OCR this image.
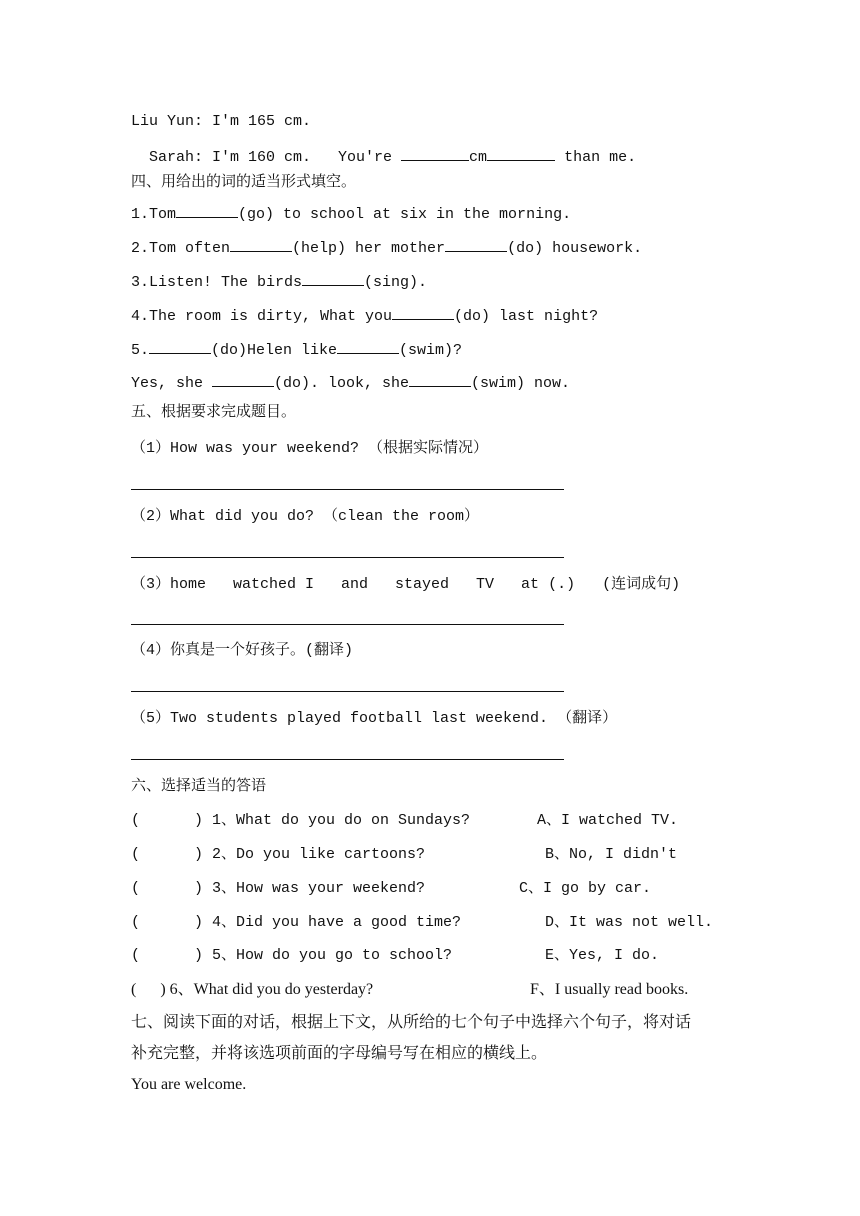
Liu Yun: I'm 165 cm.
Sarah: I'm 160 cm.   You're	cm	than me.
四、用给出的词的适当形式填空。
1.Tom	(go) to school at six in the morning.
2.Tom often	(help) her mother	(do) housework.
3.Listen! The birds	(sing).
4.The room is dirty, What you	(do) last night?
5.	(do)Helen like	(swim)?
Yes, she	(do). look, she	(swim) now.
五、根据要求完成题目。
（1）How was your weekend? （根据实际情况）
（2）What did you do? （clean the room）
（3）home   watched I   and   stayed   TV   at (.)   (连词成句)
（4）你真是一个好孩子。(翻译)
（5）Two students played football last weekend. （翻译）
六、选择适当的答语
(      ) 1、What do you do on Sundays?	A、I watched TV.
(      ) 2、Do you like cartoons?	B、No, I didn't
(      ) 3、How was your weekend?	C、I go by car.
(      ) 4、Did you have a good time?	D、It was not well.
(      ) 5、How do you go to school?	E、Yes, I do.
(      ) 6、What did you do yesterday?	F、I usually read books.
七、阅读下面的对话，根据上下文，从所给的七个句子中选择六个句子，将对话
补充完整，并将该选项前面的字母编号写在相应的横线上。
You are welcome.
